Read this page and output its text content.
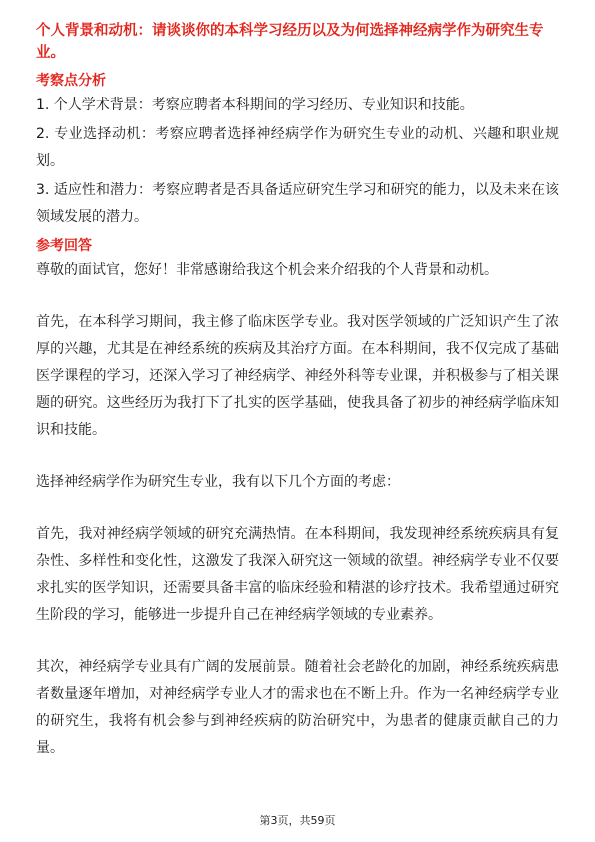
个人背景和动机：请谈谈你的本科学习经历以及为何选择神经病学作为研究生专业。

考察点分析

1. 个人学术背景：考察应聘者本科期间的学习经历、专业知识和技能。
2. 专业选择动机：考察应聘者选择神经病学作为研究生专业的动机、兴趣和职业规划。
3. 适应性和潜力：考察应聘者是否具备适应研究生学习和研究的能力，以及未来在该领域发展的潜力。

参考回答

尊敬的面试官，您好！非常感谢给我这个机会来介绍我的个人背景和动机。

首先，在本科学习期间，我主修了临床医学专业。我对医学领域的广泛知识产生了浓厚的兴趣，尤其是在神经系统的疾病及其治疗方面。在本科期间，我不仅完成了基础医学课程的学习，还深入学习了神经病学、神经外科等专业课，并积极参与了相关课题的研究。这些经历为我打下了扎实的医学基础，使我具备了初步的神经病学临床知识和技能。

选择神经病学作为研究生专业，我有以下几个方面的考虑：

首先，我对神经病学领域的研究充满热情。在本科期间，我发现神经系统疾病具有复杂性、多样性和变化性，这激发了我深入研究这一领域的欲望。神经病学专业不仅要求扎实的医学知识，还需要具备丰富的临床经验和精湛的诊疗技术。我希望通过研究生阶段的学习，能够进一步提升自己在神经病学领域的专业素养。

其次，神经病学专业具有广阔的发展前景。随着社会老龄化的加剧，神经系统疾病患者数量逐年增加，对神经病学专业人才的需求也在不断上升。作为一名神经病学专业的研究生，我将有机会参与到神经疾病的防治研究中，为患者的健康贡献自己的力量。

第3页，共59页
